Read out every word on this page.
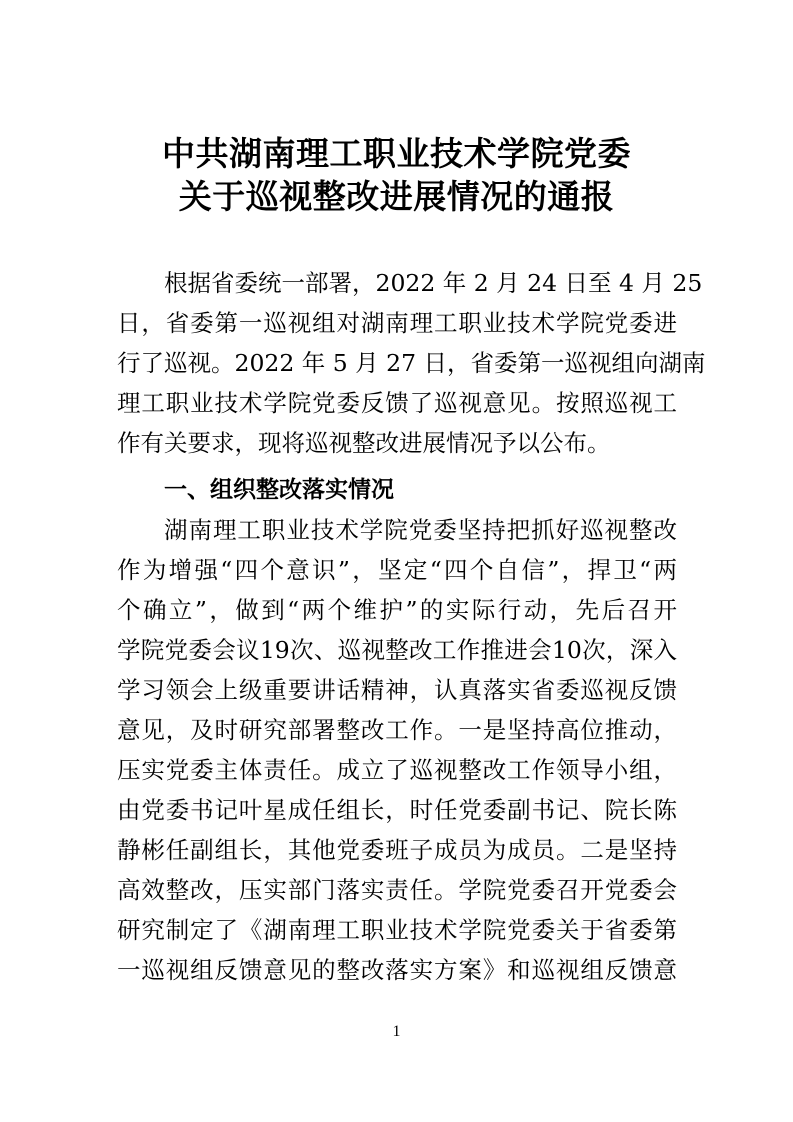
中共湖南理工职业技术学院党委
关于巡视整改进展情况的通报
根据省委统一部署，2022 年 2 月 24 日至 4 月 25
日，省委第一巡视组对湖南理工职业技术学院党委进
行了巡视。2022 年 5 月 27 日，省委第一巡视组向湖南
理工职业技术学院党委反馈了巡视意见。按照巡视工
作有关要求，现将巡视整改进展情况予以公布。
一、组织整改落实情况
湖南理工职业技术学院党委坚持把抓好巡视整改
作为增强“四个意识”，坚定“四个自信”，捍卫“两
个确立”，做到“两个维护”的实际行动，先后召开
学院党委会议19次、巡视整改工作推进会10次，深入
学习领会上级重要讲话精神，认真落实省委巡视反馈
意见，及时研究部署整改工作。一是坚持高位推动，
压实党委主体责任。成立了巡视整改工作领导小组，
由党委书记叶星成任组长，时任党委副书记、院长陈
静彬任副组长，其他党委班子成员为成员。二是坚持
高效整改，压实部门落实责任。学院党委召开党委会
研究制定了《湖南理工职业技术学院党委关于省委第
一巡视组反馈意见的整改落实方案》和巡视组反馈意
1
